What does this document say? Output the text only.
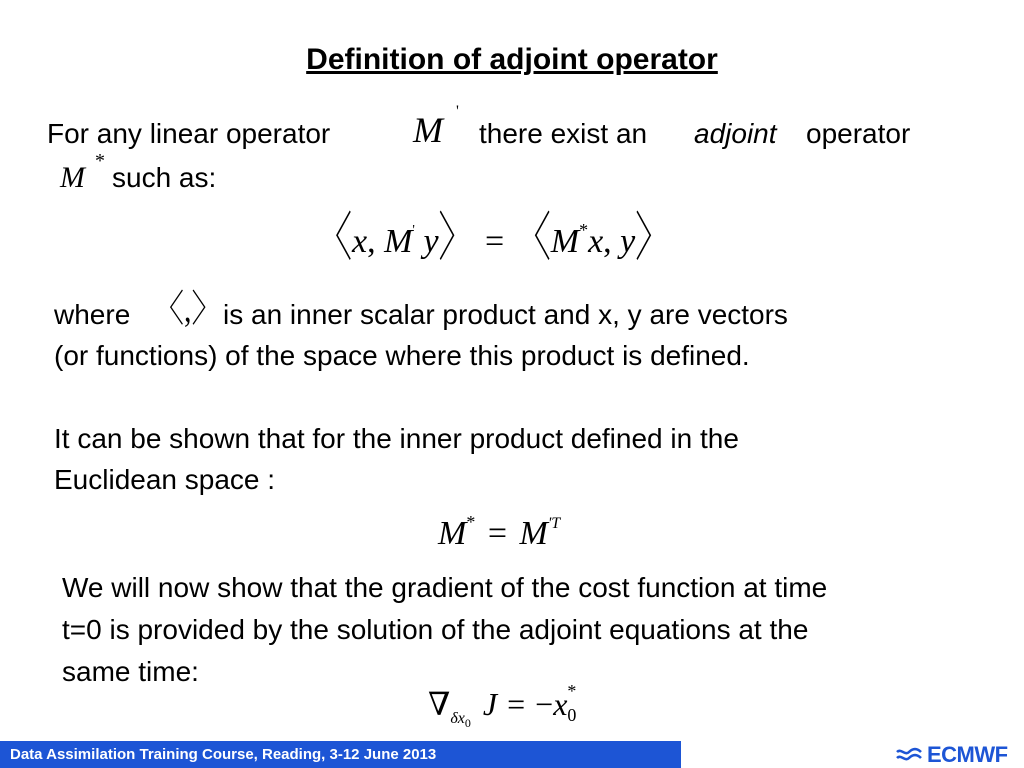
Definition of adjoint operator
For any linear operator M '
there exist an adjoint operator
M *
such as:
〈x, M' y〉 = 〈M*x, y〉
where 〈,〉 is an inner scalar product and x, y are vectors
(or functions) of the space where this product is defined.
It can be shown that for the inner product defined in the
Euclidean space :
$M^* = M^{'T}$
We will now show that the gradient of the cost function at time
t=0 is provided by the solution of the adjoint equations at the
same time:
$\nabla_{\delta x_0}$ J = −x *
0
Data Assimilation Training Course, Reading, 3-12 June 2013	ECMWF
